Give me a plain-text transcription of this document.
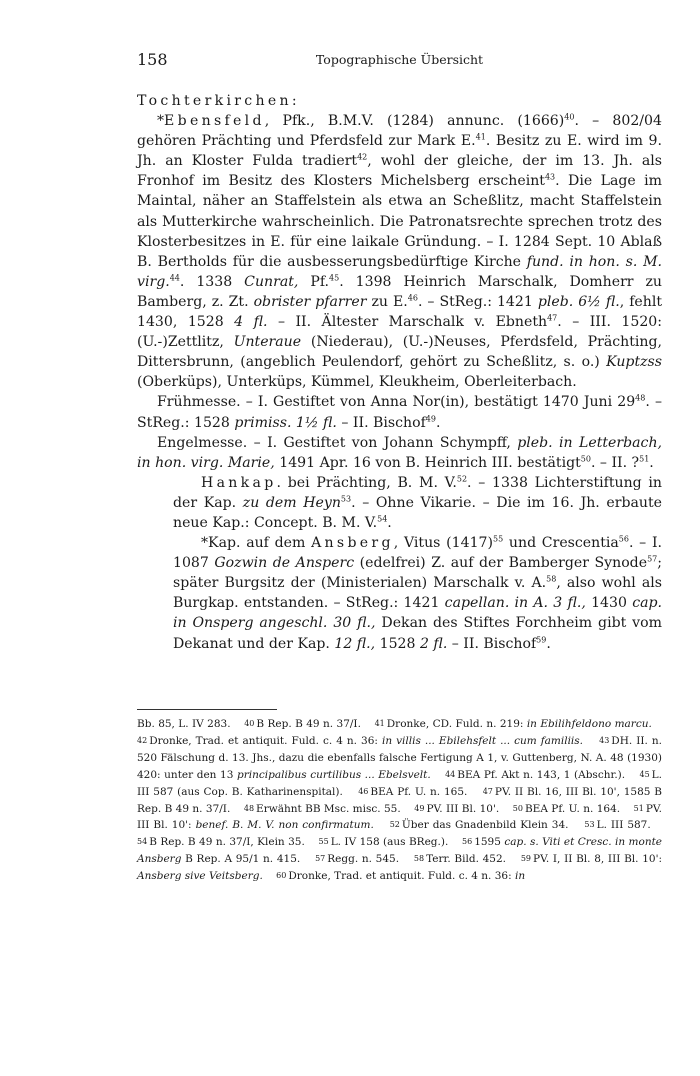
158	Topographische Übersicht

Tochterkirchen:

*Ebensfeld, Pfk., B.M.V. (1284) annunc. $(1666)^{40}$. – 802/04 gehören Prächting und Pferdsfeld zur Mark E.$^{41}$. Besitz zu E. wird im 9. Jh. an Kloster Fulda tradiert$^{42}$, wohl der gleiche, der im 13. Jh. als Fronhof im Besitz des Klosters Michelsberg erscheint$^{43}$. Die Lage im Maintal, näher an Staffelstein als etwa an Scheßlitz, macht Staffelstein als Mutterkirche wahrscheinlich. Die Patronatsrechte sprechen trotz des Klosterbesitzes in E. für eine laikale Gründung. – I. 1284 Sept. 10 Ablaß B. Bertholds für die ausbesserungsbedürftige Kirche fund. in hon. s. M. virg.$^{44}$. 1338 Cunrat, Pf.$^{45}$. 1398 Heinrich Marschalk, Domherr zu Bamberg, z. Zt. obrister pfarrer zu E.$^{46}$. – StReg.: 1421 pleb. 6½ fl., fehlt 1430, 1528 4 fl. – II. Ältester Marschalk v. Ebneth$^{47}$. – III. 1520: (U.-)Zettlitz, Unteraue (Niederau), (U.-)Neuses, Pferdsfeld, Prächting, Dittersbrunn, (angeblich Peulendorf, gehört zu Scheßlitz, s. o.) Kuptzss (Oberküps), Unterküps, Kümmel, Kleukheim, Oberleiterbach.

Frühmesse. – I. Gestiftet von Anna Nor(in), bestätigt 1470 Juni $29^{48}$. – StReg.: 1528 primiss. 1½ fl. – II. Bischof$^{49}$.

Engelmesse. – I. Gestiftet von Johann Schympff, pleb. in Letterbach, in hon. virg. Marie, 1491 Apr. 16 von B. Heinrich III. bestätigt$^{50}$. – II. ?$^{51}$.

Hankap. bei Prächting, B. M. V.$^{52}$. – 1338 Lichterstiftung in der Kap. zu dem Heyn$^{53}$. – Ohne Vikarie. – Die im 16. Jh. erbaute neue Kap.: Concept. B. M. V.$^{54}$.

*Kap. auf dem Ansberg, Vitus $(1417)^{55}$ und Crescentia$^{56}$. – I. 1087 Gozwin de Ansperc (edelfrei) Z. auf der Bamberger Synode$^{57}$; später Burgsitz der (Ministerialen) Marschalk v. A.$^{58}$, also wohl als Burgkap. entstanden. – StReg.: 1421 capellan. in A. 3 fl., 1430 cap. in Onsperg angeschl. 30 fl., Dekan des Stiftes Forchheim gibt vom Dekanat und der Kap. 12 fl., 1528 2 fl. – II. Bischof$^{59}$.

Bb. 85, L. IV 283. 40 B Rep. B 49 n. 37/I. 41 Dronke, CD. Fuld. n. 219: in Ebilihfeldono marcu.    42 Dronke, Trad. et antiquit. Fuld. c. 4 n. 36: in villis ... Ebilehsfelt ... cum familiis. 43 DH. II. n. 520 Fälschung d. 13. Jhs., dazu die ebenfalls falsche Fertigung A 1, v. Guttenberg, N. A. 48 (1930) 420: unter den 13 principalibus curtilibus ... Ebelsvelt. 44 BEA Pf. Akt n. 143, 1 (Abschr.). 45 L. III 587 (aus Cop. B. Katharinenspital). 46 BEA Pf. U. n. 165. 47 PV. II Bl. 16, III Bl. 10', 1585 B Rep. B 49 n. 37/I. 48 Erwähnt BB Msc. misc. 55. 49 PV. III Bl. 10'. 50 BEA Pf. U. n. 164. 51 PV. III Bl. 10': benef. B. M. V. non confirmatum. 52 Über das Gnadenbild Klein 34. 53 L. III 587.    54 B Rep. B 49 n. 37/I, Klein 35. 55 L. IV 158 (aus BReg.). 56 1595 cap. s. Viti et Cresc. in monte Ansberg B Rep. A 95/1 n. 415. 57 Regg. n. 545. 58 Terr. Bild. 452. 59 PV. I, II Bl. 8, III Bl. 10': Ansberg sive Veitsberg. 60 Dronke, Trad. et antiquit. Fuld. c. 4 n. 36: in
